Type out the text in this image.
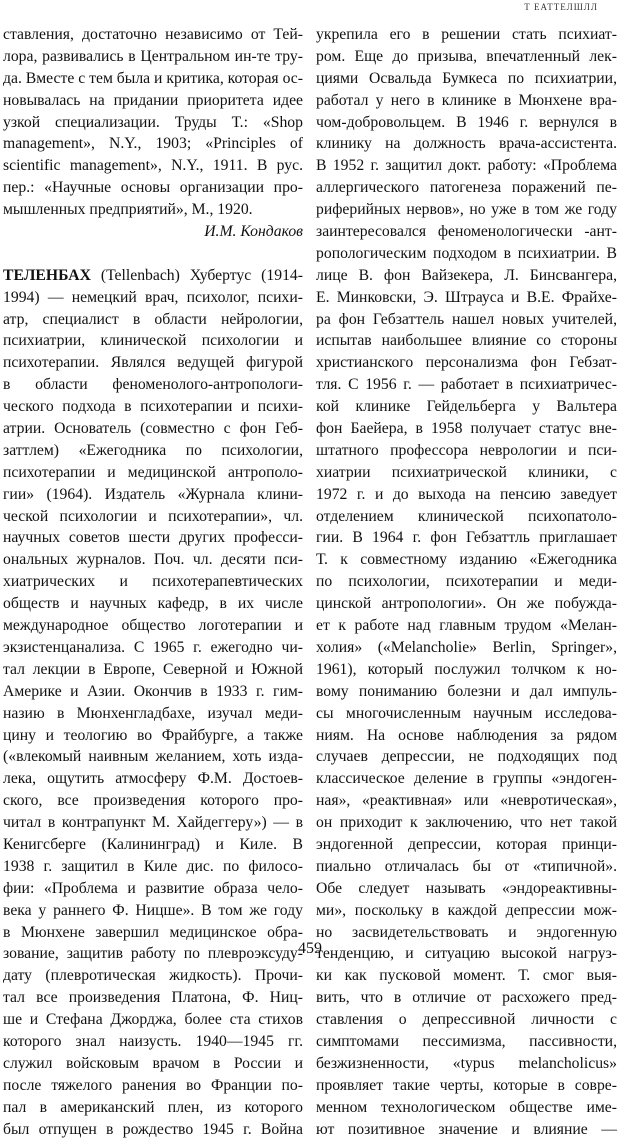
Т ЕАТТЕЛШЛЛ
ставления, достаточно независимо от Тей-
лора, развивались в Центральном ин-те тру-
да. Вместе с тем была и критика, которая ос-
новывалась на придании приоритета идее
узкой специализации. Труды Т.: «Shop
management», N.Y., 1903; «Principles of
scientific management», N.Y., 1911. В рус.
пер.: «Научные основы организации про-
мышленных предприятий», М., 1920.
И.М. Кондаков
ТЕЛЕНБАХ (Tellenbach) Хубертус (1914-
1994) — немецкий врач, психолог, психи-
атр, специалист в области нейрологии,
психиатрии, клинической психологии и
психотерапии. Являлся ведущей фигурой
в области феноменолого-антропологи-
ческого подхода в психотерапии и психи-
атрии. Основатель (совместно с фон Геб-
заттлем) «Ежегодника по психологии,
психотерапии и медицинской антрополо-
гии» (1964). Издатель «Журнала клини-
ческой психологии и психотерапии», чл.
научных советов шести других професси-
ональных журналов. Поч. чл. десяти пси-
хиатрических и психотерапевтических
обществ и научных кафедр, в их числе
международное общество логотерапии и
экзистенцанализа. С 1965 г. ежегодно чи-
тал лекции в Европе, Северной и Южной
Америке и Азии. Окончив в 1933 г. гим-
назию в Мюнхенгладбахе, изучал меди-
цину и теологию во Фрайбурге, а также
(«влекомый наивным желанием, хоть изда-
лека, ощутить атмосферу Ф.М. Достоев-
ского, все произведения которого про-
читал в контрапункт М. Хайдеггеру») — в
Кенигсберге (Калининград) и Киле. В
1938 г. защитил в Киле дис. по филосо-
фии: «Проблема и развитие образа чело-
века у раннего Ф. Ницше». В том же году
в Мюнхене завершил медицинское обра-
зование, защитив работу по плевроэксуду-
дату (плевротическая жидкость). Прочи-
тал все произведения Платона, Ф. Ниц-
ше и Стефана Джорджа, более ста стихов
которого знал наизусть. 1940—1945 гг.
служил войсковым врачом в России и
после тяжелого ранения во Франции по-
пал в американский плен, из которого
был отпущен в рождество 1945 г. Война
укрепила его в решении стать психиат-
ром. Еще до призыва, впечатленный лек-
циями Освальда Бумкеса по психиатрии,
работал у него в клинике в Мюнхене вра-
чом-добровольцем. В 1946 г. вернулся в
клинику на должность врача-ассистента.
В 1952 г. защитил докт. работу: «Проблема
аллергического патогенеза поражений пе-
риферийных нервов», но уже в том же году
заинтересовался феноменологически -ант-
ропологическим подходом в психиатрии. В
лице В. фон Вайзекера, Л. Бинсвангера,
Е. Минковски, Э. Штрауса и В.Е. Фрайхе-
ра фон Гебзаттель нашел новых учителей,
испытав наибольшее влияние со стороны
христианского персонализма фон Гебзат-
тля. С 1956 г. — работает в психиатричес-
кой клинике Гейдельберга у Вальтера
фон Баейера, в 1958 получает статус вне-
штатного профессора неврологии и пси-
хиатрии психиатрической клиники, с
1972 г. и до выхода на пенсию заведует
отделением клинической психопатоло-
гии. В 1964 г. фон Гебзаттль приглашает
Т. к совместному изданию «Ежегодника
по психологии, психотерапии и меди-
цинской антропологии». Он же побужда-
ет к работе над главным трудом «Мелан-
холия» («Melancholie» Berlin, Springer»,
1961), который послужил толчком к но-
вому пониманию болезни и дал импуль-
сы многочисленным научным исследова-
ниям. На основе наблюдения за рядом
случаев депрессии, не подходящих под
классическое деление в группы «эндоген-
ная», «реактивная» или «невротическая»,
он приходит к заключению, что нет такой
эндогенной депрессии, которая принци-
пиально отличалась бы от «типичной».
Обе следует называть «эндореактивны-
ми», поскольку в каждой депрессии мож-
но засвидетельствовать и эндогенную
тенденцию, и ситуацию высокой нагруз-
ки как пусковой момент. Т. смог выя-
вить, что в отличие от расхожего пред-
ставления о депрессивной личности с
симптомами пессимизма, пассивности,
безжизненности, «typus melancholicus»
проявляет такие черты, которые в совре-
менном технологическом обществе име-
ют позитивное значение и влияние —
459
